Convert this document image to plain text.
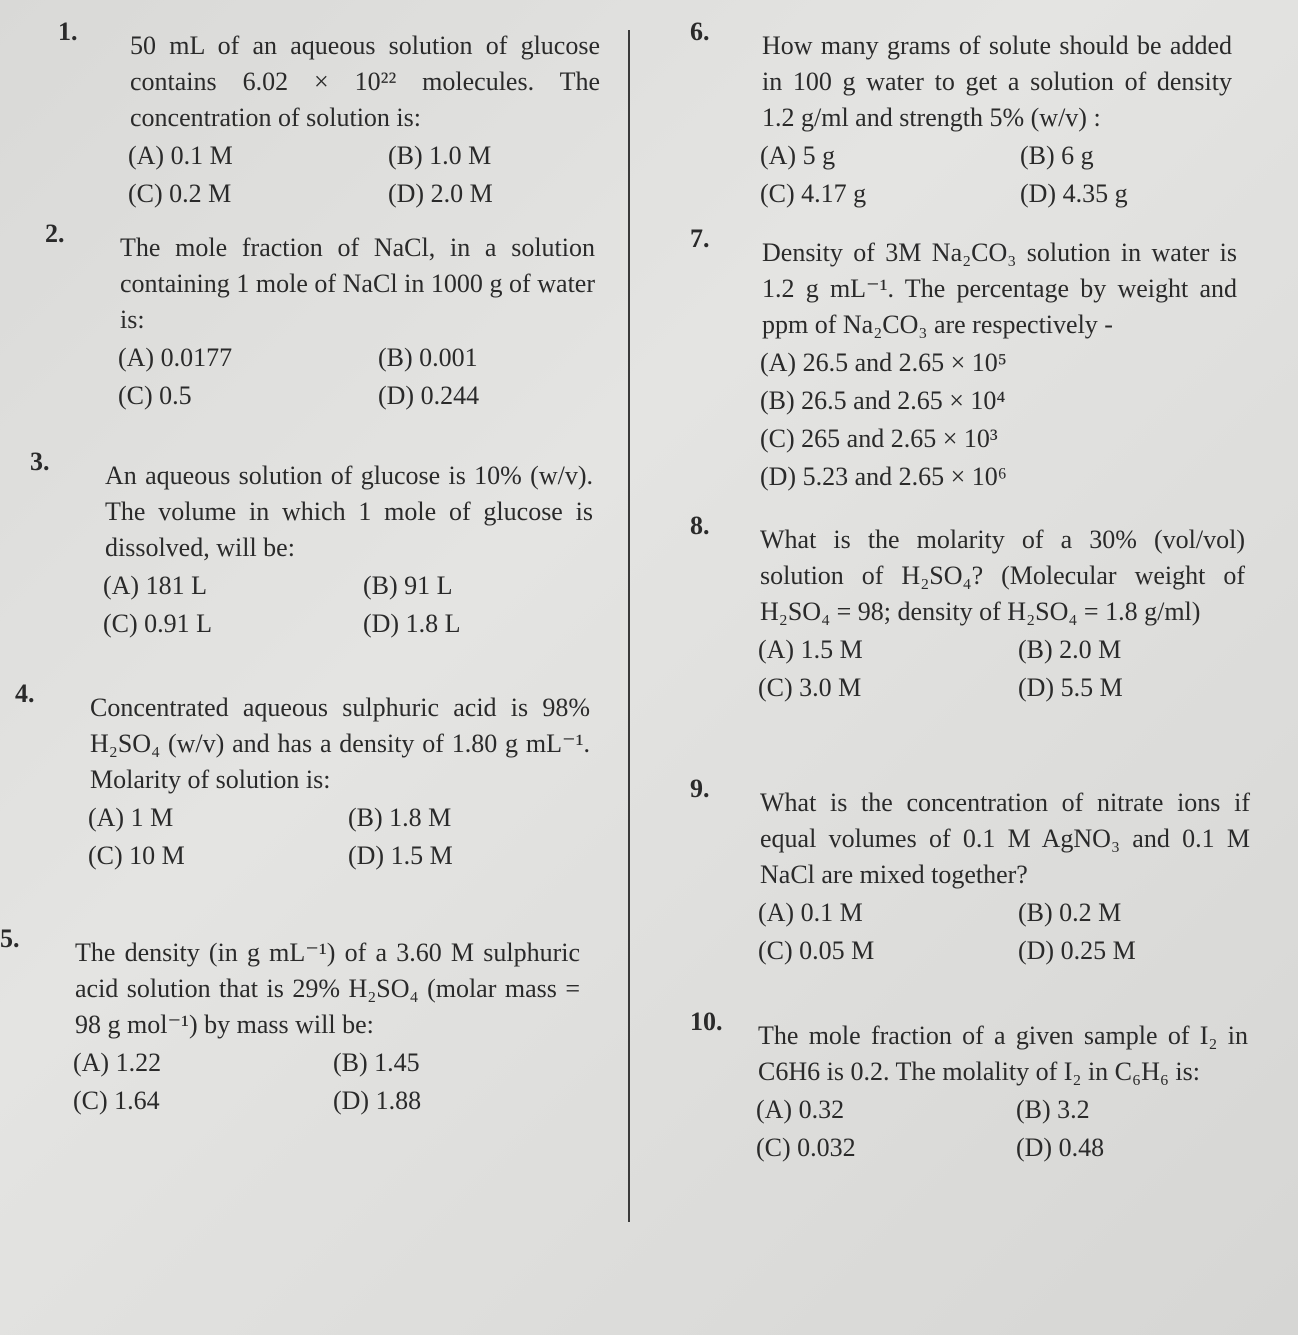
1. 50 mL of an aqueous solution of glucose contains 6.02 × 10²² molecules. The concentration of solution is:
(A) 0.1 M	(B) 1.0 M
(C) 0.2 M	(D) 2.0 M
2. The mole fraction of NaCl, in a solution containing 1 mole of NaCl in 1000 g of water is:
(A) 0.0177	(B) 0.001
(C) 0.5	(D) 0.244
3. An aqueous solution of glucose is 10% (w/v). The volume in which 1 mole of glucose is dissolved, will be:
(A) 181 L	(B) 91 L
(C) 0.91 L	(D) 1.8 L
4. Concentrated aqueous sulphuric acid is 98% H₂SO₄ (w/v) and has a density of 1.80 g mL⁻¹. Molarity of solution is:
(A) 1 M	(B) 1.8 M
(C) 10 M	(D) 1.5 M
5. The density (in g mL⁻¹) of a 3.60 M sulphuric acid solution that is 29% H₂SO₄ (molar mass = 98 g mol⁻¹) by mass will be:
(A) 1.22	(B) 1.45
(C) 1.64	(D) 1.88
6. How many grams of solute should be added in 100 g water to get a solution of density 1.2 g/ml and strength 5% (w/v) :
(A) 5 g	(B) 6 g
(C) 4.17 g	(D) 4.35 g
7. Density of 3M Na₂CO₃ solution in water is 1.2 g mL⁻¹. The percentage by weight and ppm of Na₂CO₃ are respectively -
(A) 26.5 and 2.65 × 10⁵
(B) 26.5 and 2.65 × 10⁴
(C) 265 and 2.65 × 10³
(D) 5.23 and 2.65 × 10⁶
8. What is the molarity of a 30% (vol/vol) solution of H₂SO₄? (Molecular weight of H₂SO₄ = 98; density of H₂SO₄ = 1.8 g/ml)
(A) 1.5 M	(B) 2.0 M
(C) 3.0 M	(D) 5.5 M
9. What is the concentration of nitrate ions if equal volumes of 0.1 M AgNO₃ and 0.1 M NaCl are mixed together?
(A) 0.1 M	(B) 0.2 M
(C) 0.05 M	(D) 0.25 M
10. The mole fraction of a given sample of I₂ in C6H6 is 0.2. The molality of I₂ in C₆H₆ is:
(A) 0.32	(B) 3.2
(C) 0.032	(D) 0.48
